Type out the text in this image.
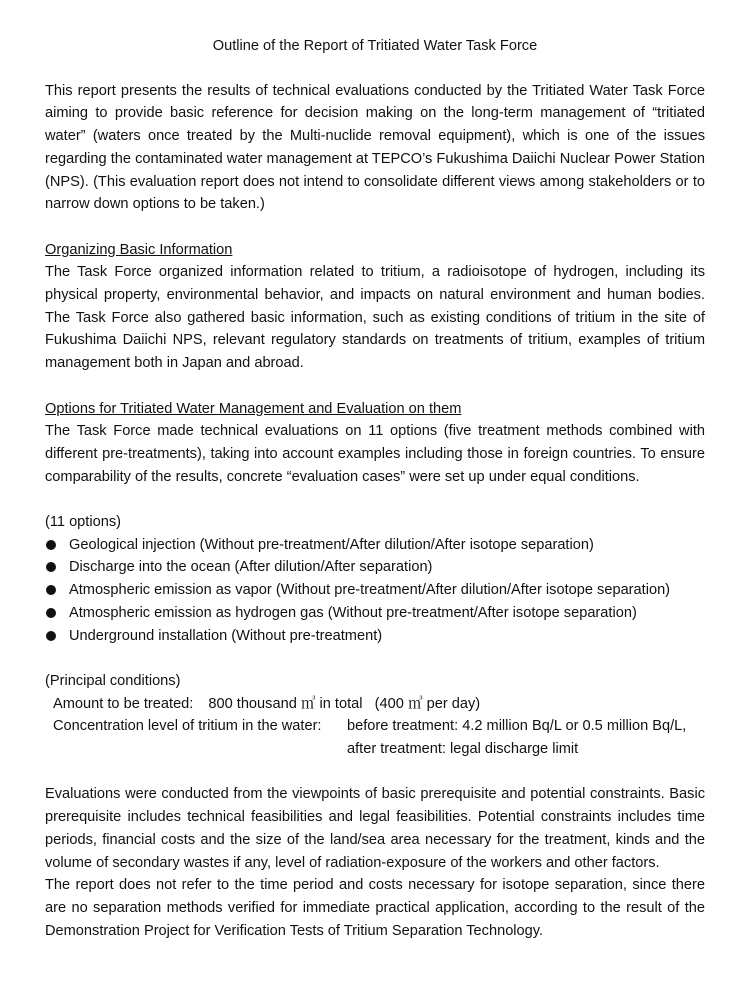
Outline of the Report of Tritiated Water Task Force

This report presents the results of technical evaluations conducted by the Tritiated Water Task Force aiming to provide basic reference for decision making on the long-term management of “tritiated water” (waters once treated by the Multi-nuclide removal equipment), which is one of the issues regarding the contaminated water management at TEPCO’s Fukushima Daiichi Nuclear Power Station (NPS). (This evaluation report does not intend to consolidate different views among stakeholders or to narrow down options to be taken.)

Organizing Basic Information

The Task Force organized information related to tritium, a radioisotope of hydrogen, including its physical property, environmental behavior, and impacts on natural environment and human bodies. The Task Force also gathered basic information, such as existing conditions of tritium in the site of Fukushima Daiichi NPS, relevant regulatory standards on treatments of tritium, examples of tritium management both in Japan and abroad.

Options for Tritiated Water Management and Evaluation on them

The Task Force made technical evaluations on 11 options (five treatment methods combined with different pre-treatments), taking into account examples including those in foreign countries. To ensure comparability of the results, concrete “evaluation cases” were set up under equal conditions.

(11 options)
Geological injection (Without pre-treatment/After dilution/After isotope separation)
Discharge into the ocean (After dilution/After separation)
Atmospheric emission as vapor (Without pre-treatment/After dilution/After isotope separation)
Atmospheric emission as hydrogen gas (Without pre-treatment/After isotope separation)
Underground installation (Without pre-treatment)
(Principal conditions)
Amount to be treated: 800 thousand ㎥ in total   (400 ㎥ per day)
Concentration level of tritium in the water:	before treatment: 4.2 million Bq/L or 0.5 million Bq/L,
after treatment: legal discharge limit

Evaluations were conducted from the viewpoints of basic prerequisite and potential constraints. Basic prerequisite includes technical feasibilities and legal feasibilities. Potential constraints includes time periods, financial costs and the size of the land/sea area necessary for the treatment, kinds and the volume of secondary wastes if any, level of radiation-exposure of the workers and other factors.

The report does not refer to the time period and costs necessary for isotope separation, since there are no separation methods verified for immediate practical application, according to the result of the Demonstration Project for Verification Tests of Tritium Separation Technology.
